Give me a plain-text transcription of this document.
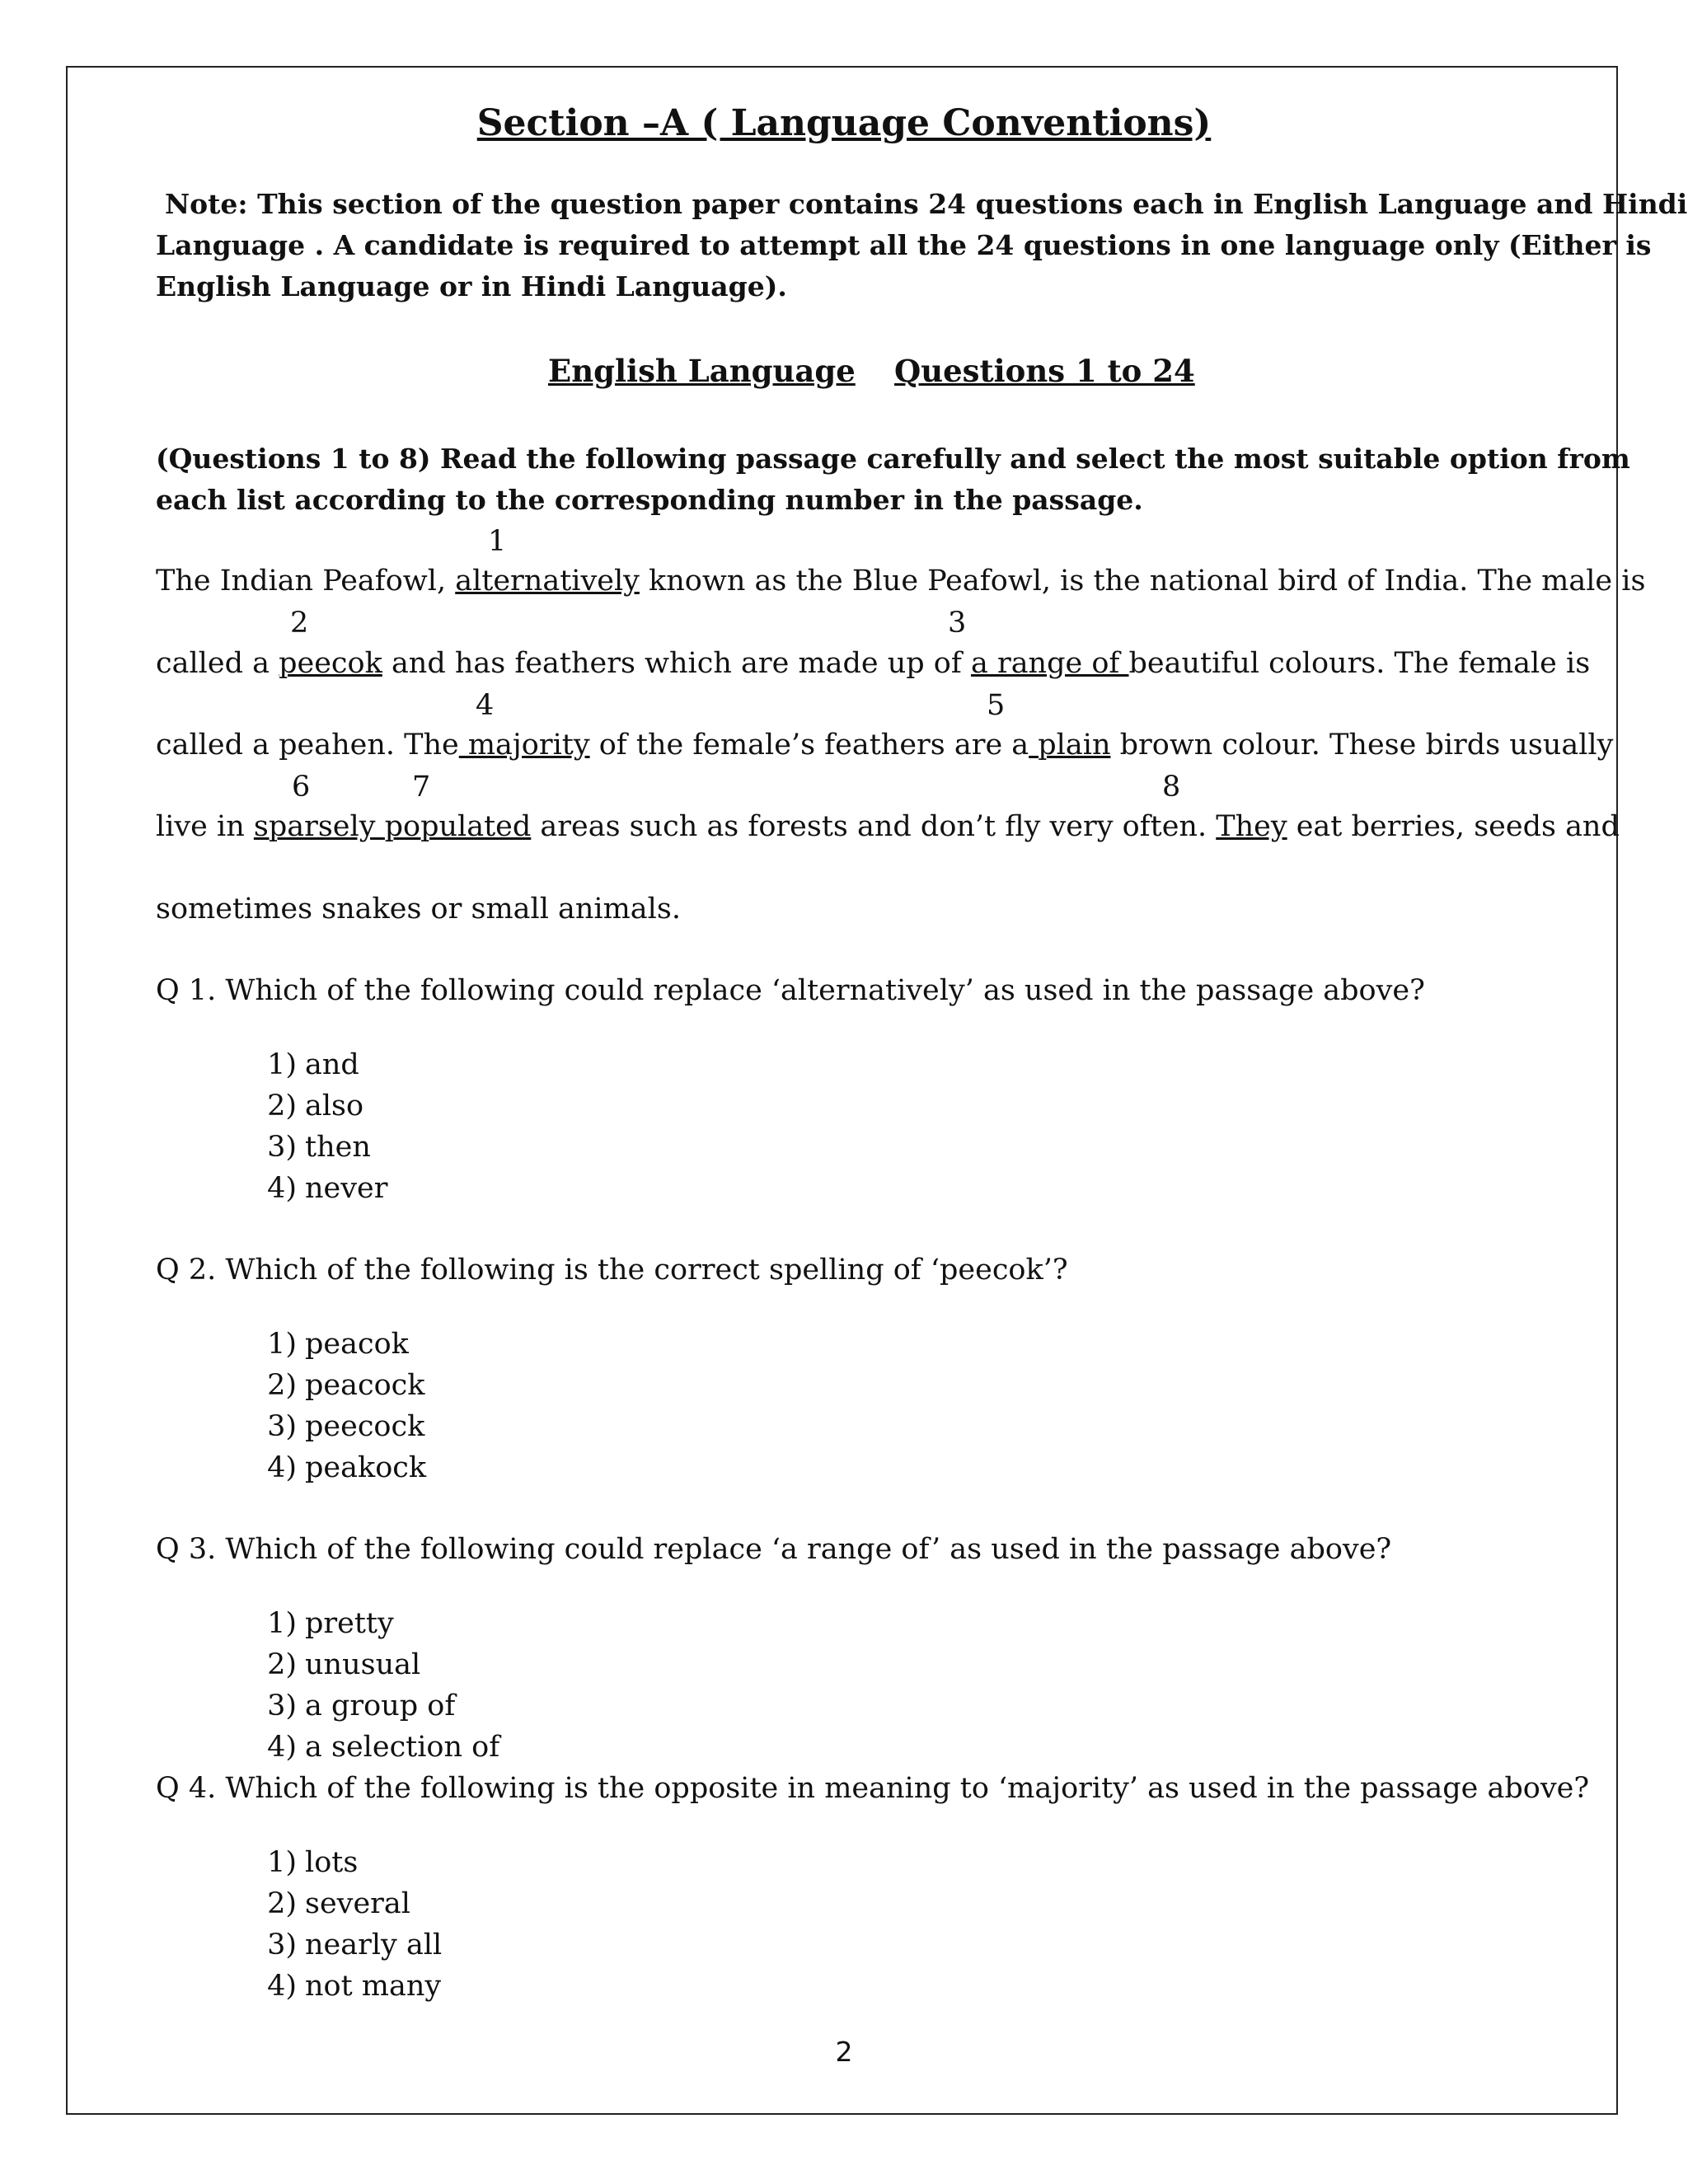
Section –A ( Language Conventions)
Note: This section of the question paper contains 24 questions each in English Language and Hindi
Language . A candidate is required to attempt all the 24 questions in one language only (Either is
English Language or in Hindi Language).
English Language Questions 1 to 24
(Questions 1 to 8) Read the following passage carefully and select the most suitable option from
each list according to the corresponding number in the passage.
1
2	3
4	5
6	7	8
The Indian Peafowl, alternatively known as the Blue Peafowl, is the national bird of India. The male is
called a peecok and has feathers which are made up of a range of beautiful colours. The female is
called a peahen. The majority of the female’s feathers are a plain brown colour. These birds usually
live in sparsely populated areas such as forests and don’t fly very often. They eat berries, seeds and
sometimes snakes or small animals.
Q 1. Which of the following could replace ‘alternatively’ as used in the passage above?
1) and
2) also
3) then
4) never
Q 2. Which of the following is the correct spelling of ‘peecok’?
1) peacok
2) peacock
3) peecock
4) peakock
Q 3. Which of the following could replace ‘a range of’ as used in the passage above?
1) pretty
2) unusual
3) a group of
4) a selection of
Q 4. Which of the following is the opposite in meaning to ‘majority’ as used in the passage above?
1) lots
2) several
3) nearly all
4) not many
2
